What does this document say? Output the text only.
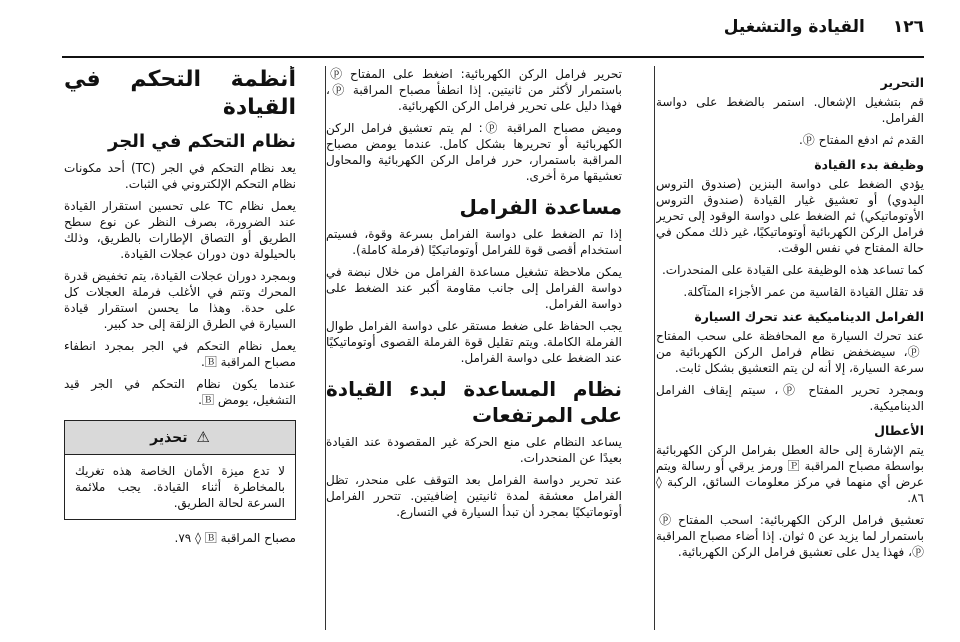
١٢٦
القيادة والتشغيل
التحرير

قم بتشغيل الإشعال. استمر بالضغط على دواسة الفرامل.

القدم ثم ادفع المفتاح ⓟ.

وظيفة بدء القيادة

يؤدي الضغط على دواسة البنزين (صندوق التروس اليدوي) أو تعشيق غيار القيادة (صندوق التروس الأوتوماتيكي) ثم الضغط على دواسة الوقود إلى تحرير فرامل الركن الكهربائية أوتوماتيكيًا، غير ذلك ممكن في حالة المفتاح في نفس الوقت.

كما تساعد هذه الوظيفة على القيادة على المنحدرات.

قد تقلل القيادة القاسية من عمر الأجزاء المتآكلة.

الفرامل الديناميكية عند تحرك السيارة

عند تحرك السيارة مع المحافظة على سحب المفتاح ⓟ، سيضخفض نظام فرامل الركن الكهربائية من سرعة السيارة، إلا أنه لن يتم التعشيق بشكل ثابت.

وبمجرد تحرير المفتاح ⓟ، سيتم إيقاف الفرامل الديناميكية.

الأعطال

يتم الإشارة إلى حالة العطل بفرامل الركن الكهربائية بواسطة مصباح المراقبة 🄿 ورمز يرقي أو رسالة ويتم عرض أي منهما في مركز معلومات السائق، الركبة ◊ ٨٦.

تعشيق فرامل الركن الكهربائية: اسحب المفتاح ⓟ باستمرار لما يزيد عن ٥ ثوان. إذا أضاء مصباح المراقبة ⓟ، فهذا يدل على تعشيق فرامل الركن الكهربائية.

تحرير فرامل الركن الكهربائية: اضغط على المفتاح ⓟ باستمرار لأكثر من ثانيتين. إذا انطفأ مصباح المراقبة ⓟ، فهذا دليل على تحرير فرامل الركن الكهربائية.

وميض مصباح المراقبة ⓟ: لم يتم تعشيق فرامل الركن الكهربائية أو تحريرها بشكل كامل. عندما يومض مصباح المراقبة باستمرار، حرر فرامل الركن الكهربائية والمحاول تعشيقها مرة أخرى.

مساعدة الفرامل

إذا تم الضغط على دواسة الفرامل بسرعة وقوة، فسيتم استخدام أقصى قوة للفرامل أوتوماتيكيًا (فرملة كاملة).

يمكن ملاحظة تشغيل مساعدة الفرامل من خلال نبضة في دواسة الفرامل إلى جانب مقاومة أكبر عند الضغط على دواسة الفرامل.

يجب الحفاظ على ضغط مستقر على دواسة الفرامل طوال الفرملة الكاملة. ويتم تقليل قوة الفرملة القصوى أوتوماتيكيًا عند الضغط على دواسة الفرامل.

نظام المساعدة لبدء القيادة على المرتفعات

يساعد النظام على منع الحركة غير المقصودة عند القيادة بعيدًا عن المنحدرات.

عند تحرير دواسة الفرامل بعد التوقف على منحدر، تظل الفرامل معشقة لمدة ثانيتين إضافيتين. تتحرر الفرامل أوتوماتيكيًا بمجرد أن تبدأ السيارة في التسارع.

أنظمة التحكم في القيادة
نظام التحكم في الجر

يعد نظام التحكم في الجر (TC) أحد مكونات نظام التحكم الإلكتروني في الثبات.

يعمل نظام TC على تحسين استقرار القيادة عند الضرورة، بصرف النظر عن نوع سطح الطريق أو التصاق الإطارات بالطريق، وذلك بالحيلولة دون دوران عجلات القيادة.

وبمجرد دوران عجلات القيادة، يتم تخفيض قدرة المحرك وتتم في الأغلب فرملة العجلات كل على حدة. وهذا ما يحسن استقرار قيادة السيارة في الطرق الزلقة إلى حد كبير.

يعمل نظام التحكم في الجر بمجرد انطفاء مصباح المراقبة 🄱.

عندما يكون نظام التحكم في الجر قيد التشغيل، يومض 🄱.

⚠ تحذير
لا تدع ميزة الأمان الخاصة هذه تغريك بالمخاطرة أثناء القيادة. يجب ملائمة السرعة لحالة الطريق.

مصباح المراقبة 🄱 ◊ ٧٩.
